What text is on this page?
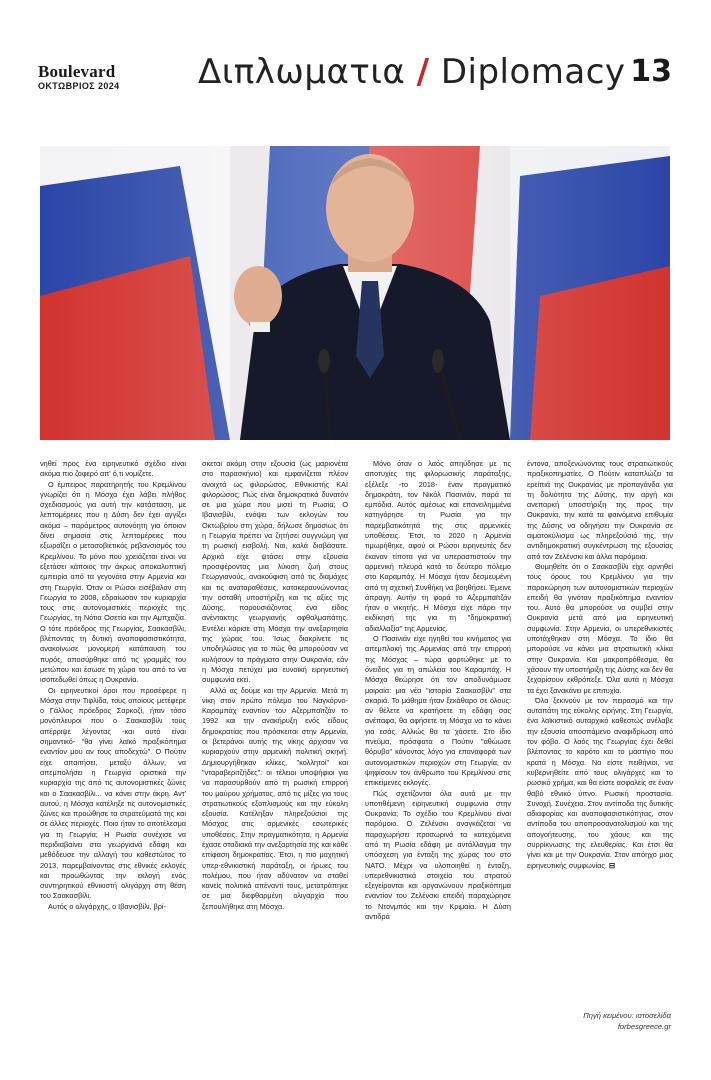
Boulevard
ΟΚΤΩΒΡΙΟΣ 2024 Διπλωματια / Diplomacy 13

νηθεί προς ένα ειρηνευτικό σχέδιο είναι ακόμα πιο ζοφερό απ' ό,τι νομίζετε.

Ο έμπειρος παρατηρητής του Κρεμλίνου γνωρίζει ότι η Μόσχα έχει λάβει πλήθος σχεδιασμούς για αυτή την κατάσταση, με λεπτομέρειες που η Δύση δεν έχει αγγίξει ακόμα – παράμετρος αυτονόητη για όποιον δίνει σημασία στις λεπτομέρειες που εξωραΐζει ο μετασοβιετικός ρεβανσισμός του Κρεμλίνου. Το μόνο που χρειάζεται είναι να εξετάσει κάποιος την άκρως αποκαλυπτική εμπειρία από τα γεγονότα στην Αρμενία και στη Γεωργία. Όταν οι Ρώσοι εισέβαλαν στη Γεωργία το 2008, εδραίωσαν τον κυριαρχία τους στις αυτονομιστικές περιοχές της Γεωργίας, τη Νότια Οσετία και την Αμπχαζία. Ο τότε πρόεδρος της Γεωργίας, Σαακασβίλι, βλέποντας τη δυτική αναποφασιστικότητα, ανακοίνωσε μονομερή κατάπαυση του πυρός, αποσύρθηκε από τις γραμμές του μετώπου και έσωσε τη χώρα του από το να ισοπεδωθεί όπως η Ουκρανία.

Οι ειρηνευτικοί όροι που προσέφερε η Μόσχα στην Τιφλίδα, τους οποίους μετέφερε ο Γάλλος πρόεδρος Σαρκοζί, ήταν τόσο μονόπλευροι που ο Σαακασβίλι τους απέρριψε λέγοντας -και αυτό είναι σημαντικό- "θα γίνει λαϊκό πραξικόπημα εναντίον μου αν τους αποδεχτώ". Ο Πούτιν είχε απαιτήσει, μεταξύ άλλων, να απεμπολήσει η Γεωργία οριστικά την κυριαρχία της από τις αυτονομιστικές ζώνες και ο Σαακασβίλι... να κάνει στην άκρη. Αντ' αυτού, η Μόσχα κατέληξε τις αυτονομιστικές ζώνες και προώθησε τα στρατεύματά της και σε άλλες περιοχές. Ποιο ήταν το αποτέλεσμα για τη Γεωργία; Η Ρωσία συνέχισε να περιδιαβαίνει στα γεωργιανά εδάφη και μεθόδευσε την αλλαγή του καθεστώτος το 2013, παρεμβαίνοντας στις εθνικές εκλογές και προωθώντας την εκλογή ενός συντηρητικού εθνικιστή ολιγάρχη στη θέση του Σαακασβίλι.

Αυτός ο ολιγάρχης, ο Ιβανισβίλι, βρί-

σκεται ακόμη στην εξουσία (ως μαριονέτα στο παρασκήνιο) και εμφανίζεται πλέον ανοιχτά ως φιλορώσος. Εθνικιστής ΚΑΙ φιλορώσος; Πώς είναι δημοκρατικά δυνατόν σε μια χώρα που μισεί τη Ρωσία; Ο Ιβανισβίλι, ενόψει των εκλογών του Οκτωβρίου στη χώρα, δήλωσε δημοσίως ότι η Γεωργία πρέπει να ζητήσει συγγνώμη για τη ρωσική εισβολή. Ναι, καλά διαβάσατε. Αρχικά είχε ψτάσει στην εξουσία προσφέροντας μια λύκιση ζωή στους Γεωργιανούς, ανακούφιση από τις διαμάχες και τις αναταραθέσεις, κατακεραυνώνοντας την οσταθή υποστήριξη και τις αξίες της Δύσης, παρουσιάζοντας ένα είδος ανέντακτης γεωργιανής αφθαλμαπάτης. Εντέλει κάρισε στη Μόσχα την ανεξαρτησία της χώρας του. Ίσως διακρίνετε τις υποδηλώσεις για το πώς θα μπορούσαν να κυλήσουν τα πράγματα στην Ουκρανία, εάν η Μόσχα πετύχει μια ευνοϊκή ειρηνευτική συμφωνία εκεί.

Αλλά ας δούμε και την Αρμενία. Μετά τη νίκη στον πρώτο πόλεμο του Ναγκόρνο-Καραμπάχ εναντίον του Αζερμπαϊτζάν το 1992 και την ανακήρυξη ενός είδους δημοκρατίας που πρόσκειται στην Αρμενία, οι βετεράνοι αυτής της νίκης άρχισαν να κυριαρχούν στην αρμενική πολιτική σκηνή. Δημιουργήθηκαν κλίκες, "κολλητοί" και "νταραβεριτζήδες": οι τέλειοι υποψήφιοι για να παρασυρθούν από τη ρωσική επιρροή του μαύρου χρήματος, από τις μίζες για τους στρατιωτικούς εξοπλισμούς και την εύκολη εξουσία. Κατέληξαν πληρεξούσιοι της Μόσχας στις αρμενικές εσωτερικές υποθέσεις. Στην πραγματικότητα, η Αρμενία έχασε σταδιακά την ανεξαρτησία της και κάθε επίφαση δημοκρατίας. Έτσι, η πιο μαχητική υπερ-εθνικιστική παράταξη, οι ήρωες του πολέμου, που ήταν αδύνατον να σταθεί κανείς πολιτικά απέναντί τους, μετατράπηκε σε μια διεφθαρμένη ολιγαρχία που ξεπουλήθηκε στη Μόσχα.

Μόνο όταν ο λαός απηύδησε με τις αποτυχίες της φιλορωσικής παράταξης, εξέλεξε -το 2018- έναν πραγματικό δημοκράτη, τον Νικόλ Πασινιάν, παρά τα εμπόδια. Αυτός αμέσως και επανειλημμένα κατηγόρησε τη Ρωσία για την παρεμβατικότητά της στις αρμενικές υποθέσεις. Έτσι, το 2020 η Αρμενία τιμωρήθηκε, αφού οι Ρώσοι ειρηνευτές δεν έκαναν τίποτα για να υπερασπιστούν την αρμενική πλευρά κατά το δεύτερο πόλεμο στο Καραμπάχ. Η Μόσχα ήταν δεσμευμένη από τη σχετική Συνθήκη να βοηθήσει. Έμεινε άπραγη. Αυτήν τη φορά το Αζερμπαϊτζάν ήταν ο νικητής. Η Μόσχα είχε πάρει την εκδίκησή της για τη "δημοκρατική αδιαλλαξία" της Αρμενίας.

Ο Πασινιάν είχε ηγηθεί του κινήματος για απεμπλοκή της Αρμενίας από την επιρροή της Μόσχας – τώρα φορτώθηκε με το όνειδος για τη απώλεια του Καραμπάχ. Η Μόσχα θεώρησε ότι τον αποδυνάμωσε μοιραία: μια νέα "ιστορία Σαακασβίλι" στα σκαριά. Το μάθημα ήταν ξεκάθαρο σε όλους: αν θέλετε να κρατήσετε τη εδάφη σας ανέπαφα, θα αφήσετε τη Μόσχα να το κάνει για εσάς. Αλλιώς θα τα χάσετε. Στο ίδιο πνεύμα, πρόσφατα ο Πούτιν "αθώωσε θόρυβο" κάνοντας λόγο για επαναφορά των αυτονομιστικών περιοχών στη Γεωργία, αν ψηφίσουν τον άνθρωπο του Κρεμλίνου στις επικείμενες εκλογές.

Πώς σχετίζονται όλα αυτά με την υποτιθέμενη ειρηνευτική συμφωνία στην Ουκρανία; Το σχέδιο του Κρεμλίνου είναι παρόμοιο. Ο Ζελένσκι αναγκάζεται να παραχωρήσει προσωρινά τα κατεχόμενα από τη Ρωσία εδάφη με αντάλλαγμα την υπόσχεση για ένταξη της χώρας του στο ΝΑΤΟ. Μέχρι να υλοποιηθεί η ένταξη, υπερεθνικιστικά στοιχεία του στρατού εξεγείρονται και οργανώνουν πραξικόπημα εναντίον του Ζελένσκι επειδή παραχώρησε το Ντονμπάς και την Κριμαία. Η Δύση αντιδρά

έντονα, αποξενώνοντας τους στρατιωτικούς πραξικοπηματίες. Ο Πούτιν καταπλώζει τα ερείπιά της Ουκρανίας με προπαγάνδα για τη δολιότητα της Δύσης, την αργή και ανεπαρκή υποστήριξη της προς την Ουκρανία, την κατά τα φαινόμενα επιθυμία της Δύσης να οδηγήσει την Ουκρανία σε αιματοκύλισμα ως πληρεξούσιό της, την αντιδημοκρατική συγκέντρωση της εξουσίας από τον Ζελένσκι και άλλα παρόμοια.

Θυμηθείτε ότι ο Σαακασβίλι είχε αρνηθεί τους όρους του Κρεμλίνου για την παρακώρηση των αυτονομιστικών περιοχών επειδή θα γινόταν πραξικόπημα εναντίον του. Αυτό θα μπορούσε να συμβεί στην Ουκρανία μετά από μια ειρηνευτική συμφωνία. Στην Αρμενία, οι υπερεθνικιστές υποτάχθηκαν στη Μόσχα. Το ίδιο θα μπορούσε να κάνει μια στρατιωτική κλίκα στην Ουκρανία. Και μακροπρόθεσμα, θα χάσουν την υποστήριξη της Δύσης και δεν θα ξεχαρίσουν εκθρόπεξε. Όλα αυτά η Μόσχα τα έχει ξανακάνει με επιτυχία.

Όλα ξεκινούν με τον πειρασμό και την αυταπάτη της εύκολης ειρήνης. Στη Γεωργία, ένα λαϊκιστικό αυταρχικό καθεστώς ανέλαβε την εξουσία αποσπάμενο αναφιδρίωση από τον φόβο. Ο λαός της Γεωργίας έχει δεθεί βλέποντας το καρότο και το μαστίγιο που κρατά η Μόσχα. Να είστε πειθήνιοι, να κυβερνηθείτε από τους ολιγάρχες και το ρωσικό χρήμα, και θα είστε ασφαλείς σε έναν θαβό εθνικό ύπνο. Ρωσική προστασία. Συνοχή. Συνέχεια. Στον αντίποδα της δυτικής αδιαφορίας και αναποφασιστικότητας, στον αντίποδα του αποπροσανατολισμού και της απογοήτευσης, του χάους και της συρρίκνωσης της ελευθερίας. Και έτσι θα γίνει και με την Ουκρανία. Στον απόηχο μιας ειρηνευτικής συμφωνίας. ⊟

Πηγή κειμένου: ιστοσελίδα
forbesgreece.gr
